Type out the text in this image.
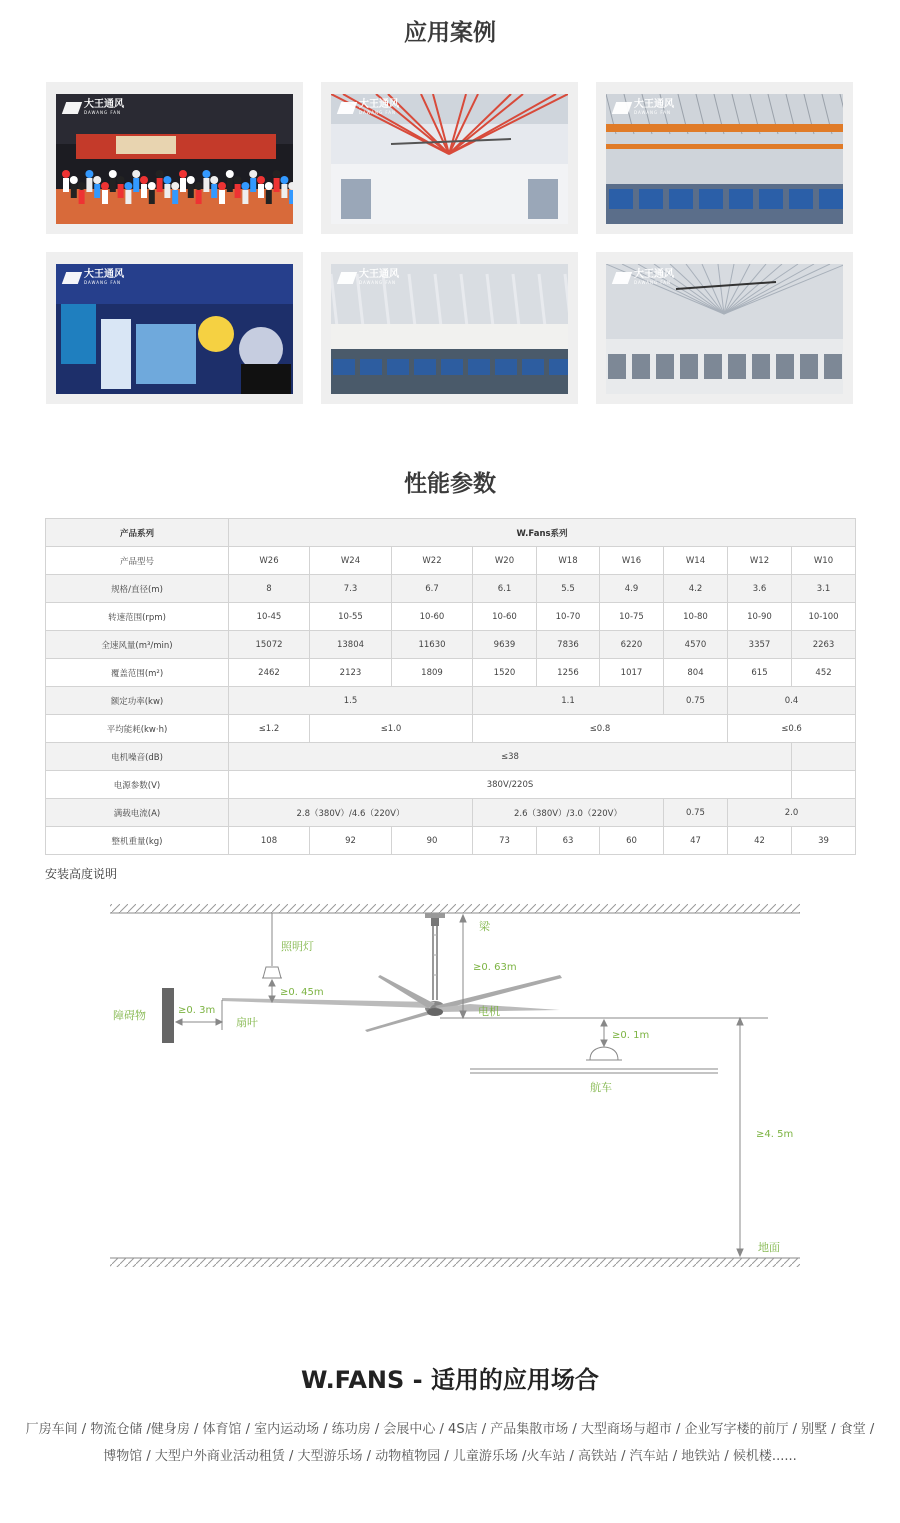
应用案例
大王通风
DAWANG FAN
大王通风
DAWANG FAN
大王通风
DAWANG FAN
大王通风
DAWANG FAN
大王通风
DAWANG FAN
大王通风
DAWANG FAN
性能参数
产品系列	W.Fans系列								
产品型号	W26	W24	W22	W20	W18	W16	W14	W12	W10
规格/直径(m)	8	7.3	6.7	6.1	5.5	4.9	4.2	3.6	3.1
转速范围(rpm)	10-45	10-55	10-60	10-60	10-70	10-75	10-80	10-90	10-100
全速风量(m³/min)	15072	13804	11630	9639	7836	6220	4570	3357	2263
覆盖范围(m²)	2462	2123	1809	1520	1256	1017	804	615	452
额定功率(kw)	1.5			1.1			0.75	0.4	
平均能耗(kw·h)	≤1.2	≤1.0		≤0.8				≤0.6	
电机噪音(dB)	≤38								
电源参数(V)	380V/220S								
满载电流(A)	2.8（380V）/4.6（220V）			2.6（380V）/3.0（220V）			0.75	2.0	
整机重量(kg)	108	92	90	73	63	60	47	42	39
安装高度说明
梁
照明灯
≥0. 63m
≥0. 45m
电机
障碍物	≥0. 3m
扇叶
≥0. 1m
航车
≥4. 5m
地面
W.FANS - 适用的应用场合
厂房车间 / 物流仓储 /健身房 / 体育馆 / 室内运动场 / 练功房 / 会展中心 / 4S店 / 产品集散市场 / 大型商场与超市 / 企业写字楼的前厅 / 别墅 / 食堂 / 博物馆 / 大型户外商业活动租赁 / 大型游乐场 / 动物植物园 / 儿童游乐场 /火车站 / 高铁站 / 汽车站 / 地铁站 / 候机楼......
